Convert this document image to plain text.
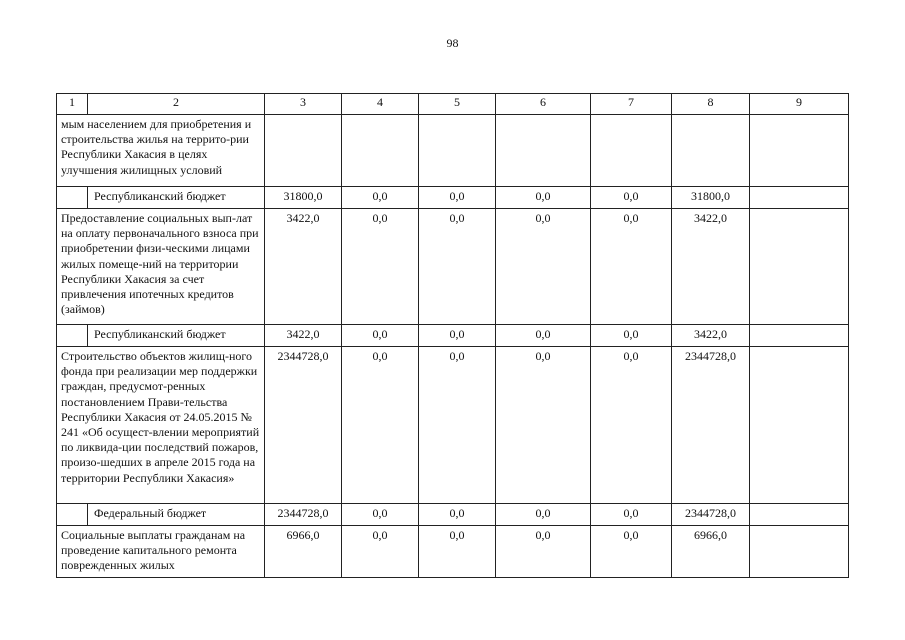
98
1	2	3	4	5	6	7	8	9
мым населением для приобретения и строительства жилья на террито-рии Республики Хакасия в целях улучшения жилищных условий								
	Республиканский бюджет	31800,0	0,0	0,0	0,0	0,0	31800,0	
Предоставление социальных вып-лат на оплату первоначального взноса при приобретении физи-ческими лицами жилых помеще-ний на территории Республики Хакасия за счет привлечения ипотечных кредитов (займов)		3422,0	0,0	0,0	0,0	0,0	3422,0	
	Республиканский бюджет	3422,0	0,0	0,0	0,0	0,0	3422,0	
Строительство объектов жилищ-ного фонда при реализации мер поддержки граждан, предусмот-ренных постановлением Прави-тельства Республики Хакасия от 24.05.2015 № 241 «Об осущест-влении мероприятий по ликвида-ции последствий пожаров, произо-шедших в апреле 2015 года на территории Республики Хакасия»		2344728,0	0,0	0,0	0,0	0,0	2344728,0	
	Федеральный бюджет	2344728,0	0,0	0,0	0,0	0,0	2344728,0	
Социальные выплаты гражданам на проведение капитального ремонта поврежденных жилых		6966,0	0,0	0,0	0,0	0,0	6966,0	
